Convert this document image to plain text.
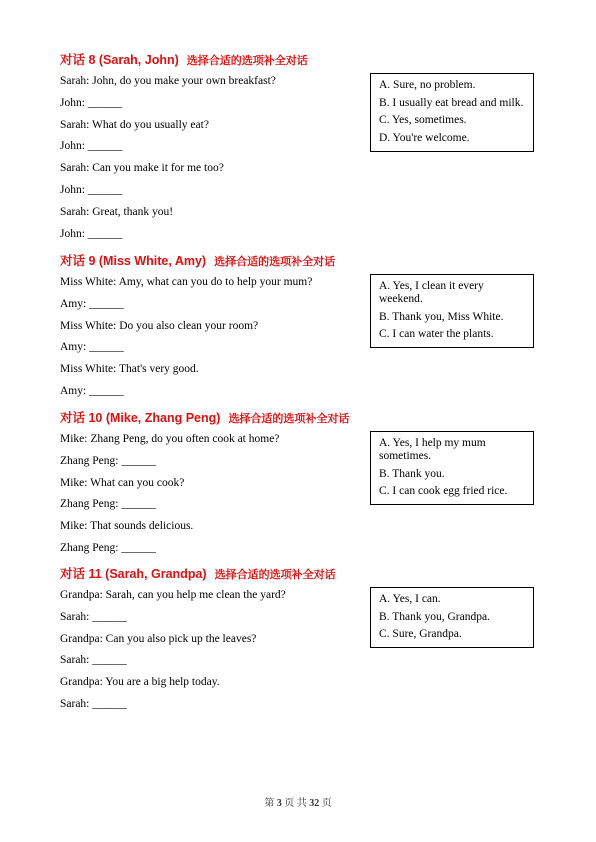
对话 8 (Sarah, John) 选择合适的选项补全对话
Sarah: John, do you make your own breakfast?
John: ______
Sarah: What do you usually eat?
John: ______
Sarah: Can you make it for me too?
John: ______
Sarah: Great, thank you!
John: ______
A. Sure, no problem.
B. I usually eat bread and milk.
C. Yes, sometimes.
D. You're welcome.
对话 9 (Miss White, Amy) 选择合适的选项补全对话
Miss White: Amy, what can you do to help your mum?
Amy: ______
Miss White: Do you also clean your room?
Amy: ______
Miss White: That's very good.
Amy: ______
A. Yes, I clean it every weekend.
B. Thank you, Miss White.
C. I can water the plants.
对话 10 (Mike, Zhang Peng) 选择合适的选项补全对话
Mike: Zhang Peng, do you often cook at home?
Zhang Peng: ______
Mike: What can you cook?
Zhang Peng: ______
Mike: That sounds delicious.
Zhang Peng: ______
A. Yes, I help my mum sometimes.
B. Thank you.
C. I can cook egg fried rice.
对话 11 (Sarah, Grandpa) 选择合适的选项补全对话
Grandpa: Sarah, can you help me clean the yard?
Sarah: ______
Grandpa: Can you also pick up the leaves?
Sarah: ______
Grandpa: You are a big help today.
Sarah: ______
A. Yes, I can.
B. Thank you, Grandpa.
C. Sure, Grandpa.
第 3 页 共 32 页
